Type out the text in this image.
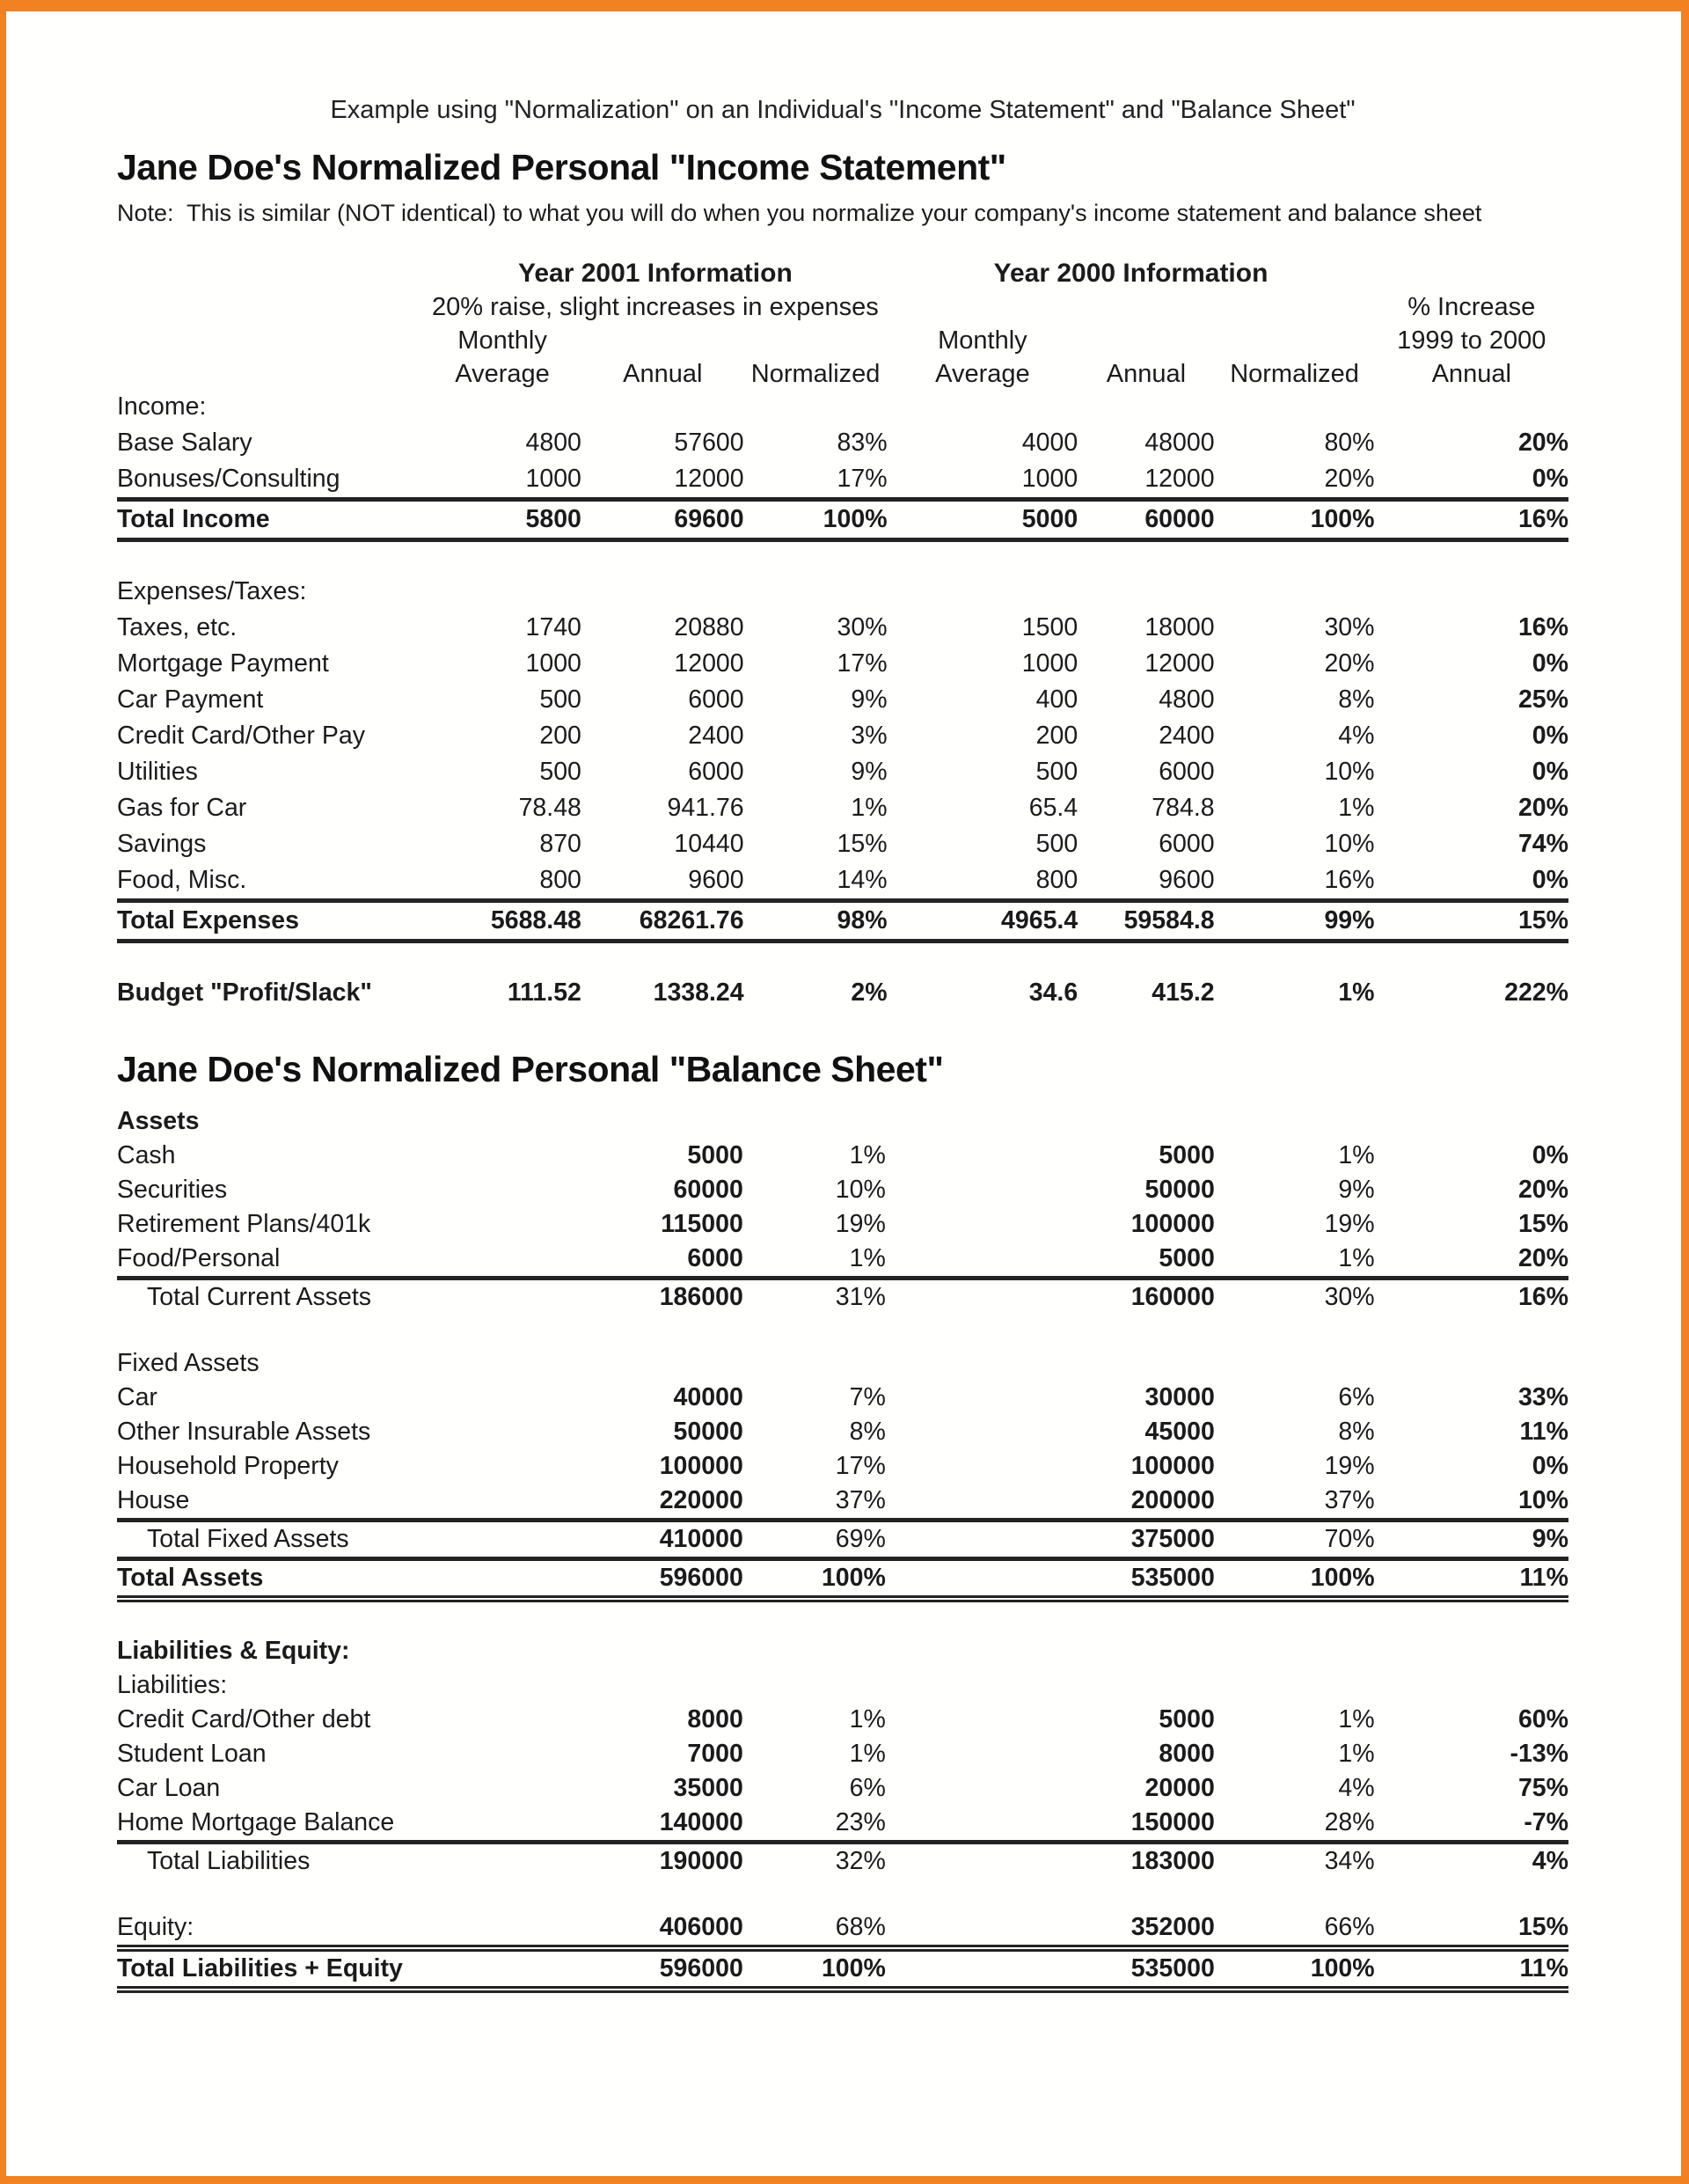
Example using "Normalization" on an Individual's "Income Statement" and "Balance Sheet"
Jane Doe's Normalized Personal "Income Statement"
Note:  This is similar (NOT identical) to what you will do when you normalize your company's income statement and balance sheet
	Year 2001 Information			Year 2000 Information			
	20% raise, slight increases in expenses						% Increase
	Monthly			Monthly			1999 to 2000
	Average	Annual	Normalized	Average	Annual	Normalized	Annual
Income:							
Base Salary	4800	57600	83%	4000	48000	80%	20%
Bonuses/Consulting	1000	12000	17%	1000	12000	20%	0%
Total Income	5800	69600	100%	5000	60000	100%	16%

Expenses/Taxes:							
Taxes, etc.	1740	20880	30%	1500	18000	30%	16%
Mortgage Payment	1000	12000	17%	1000	12000	20%	0%
Car Payment	500	6000	9%	400	4800	8%	25%
Credit Card/Other Pay	200	2400	3%	200	2400	4%	0%
Utilities	500	6000	9%	500	6000	10%	0%
Gas for Car	78.48	941.76	1%	65.4	784.8	1%	20%
Savings	870	10440	15%	500	6000	10%	74%
Food, Misc.	800	9600	14%	800	9600	16%	0%
Total Expenses	5688.48	68261.76	98%	4965.4	59584.8	99%	15%

Budget "Profit/Slack"	111.52	1338.24	2%	34.6	415.2	1%	222%
Jane Doe's Normalized Personal "Balance Sheet"
Assets							
Cash		5000	1%		5000	1%	0%
Securities		60000	10%		50000	9%	20%
Retirement Plans/401k		115000	19%		100000	19%	15%
Food/Personal		6000	1%		5000	1%	20%
Total Current Assets		186000	31%		160000	30%	16%

Fixed Assets							
Car		40000	7%		30000	6%	33%
Other Insurable Assets		50000	8%		45000	8%	11%
Household Property		100000	17%		100000	19%	0%
House		220000	37%		200000	37%	10%
Total Fixed Assets		410000	69%		375000	70%	9%
Total Assets		596000	100%		535000	100%	11%

Liabilities & Equity:							
Liabilities:							
Credit Card/Other debt		8000	1%		5000	1%	60%
Student Loan		7000	1%		8000	1%	-13%
Car Loan		35000	6%		20000	4%	75%
Home Mortgage Balance		140000	23%		150000	28%	-7%
Total Liabilities		190000	32%		183000	34%	4%

Equity:		406000	68%		352000	66%	15%
Total Liabilities + Equity		596000	100%		535000	100%	11%
